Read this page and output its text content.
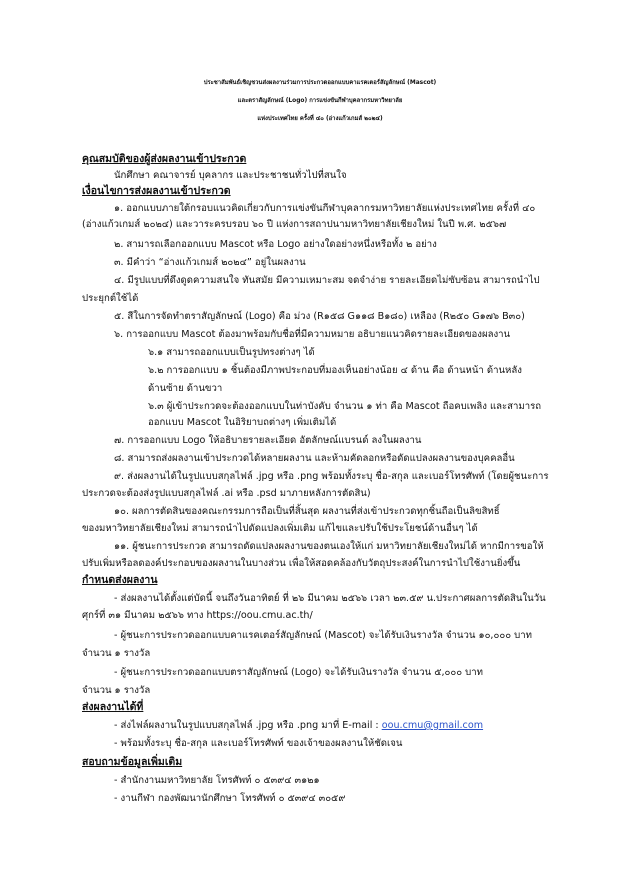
ประชาสัมพันธ์เชิญชวนส่งผลงานร่วมการประกวดออกแบบคาแรคเตอร์สัญลักษณ์ (Mascot)
และตราสัญลักษณ์ (Logo) การแข่งขันกีฬาบุคลากรมหาวิทยาลัย
แห่งประเทศไทย ครั้งที่ ๔๐ (อ่างแก้วเกมส์ ๒๐๒๔)
คุณสมบัติของผู้ส่งผลงานเข้าประกวด
นักศึกษา คณาจารย์ บุคลากร และประชาชนทั่วไปที่สนใจ
เงื่อนไขการส่งผลงานเข้าประกวด
๑. ออกแบบภายใต้กรอบแนวคิดเกี่ยวกับการแข่งขันกีฬาบุคลากรมหาวิทยาลัยแห่งประเทศไทย ครั้งที่ ๔๐
(อ่างแก้วเกมส์ ๒๐๒๔) และวาระครบรอบ ๖๐ ปี แห่งการสถาปนามหาวิทยาลัยเชียงใหม่ ในปี พ.ศ. ๒๕๖๗
๒. สามารถเลือกออกแบบ Mascot หรือ Logo อย่างใดอย่างหนึ่งหรือทั้ง ๒ อย่าง
๓. มีคำว่า “อ่างแก้วเกมส์ ๒๐๒๔” อยู่ในผลงาน
๔. มีรูปแบบที่ดึงดูดความสนใจ ทันสมัย มีความเหมาะสม จดจำง่าย รายละเอียดไม่ซับซ้อน สามารถนำไป
ประยุกต์ใช้ได้
๕. สีในการจัดทำตราสัญลักษณ์ (Logo) คือ ม่วง (R๑๕๘ G๑๑๘ B๑๘๐) เหลือง (R๒๕๐ G๑๗๖ B๓๐)
๖. การออกแบบ Mascot ต้องมาพร้อมกับชื่อที่มีความหมาย อธิบายแนวคิดรายละเอียดของผลงาน
๖.๑ สามารถออกแบบเป็นรูปทรงต่างๆ ได้
๖.๒ การออกแบบ ๑ ชิ้นต้องมีภาพประกอบที่มองเห็นอย่างน้อย ๔ ด้าน คือ ด้านหน้า ด้านหลัง
ด้านซ้าย ด้านขวา
๖.๓ ผู้เข้าประกวดจะต้องออกแบบในท่าบังคับ จำนวน ๑ ท่า คือ Mascot ถือคบเพลิง และสามารถ
ออกแบบ Mascot ในอิริยาบถต่างๆ เพิ่มเติมได้
๗. การออกแบบ Logo ให้อธิบายรายละเอียด อัตลักษณ์แบรนด์ ลงในผลงาน
๘. สามารถส่งผลงานเข้าประกวดได้หลายผลงาน และห้ามคัดลอกหรือดัดแปลงผลงานของบุคคลอื่น
๙. ส่งผลงานได้ในรูปแบบสกุลไฟล์ .jpg หรือ .png พร้อมทั้งระบุ ชื่อ-สกุล และเบอร์โทรศัพท์ (โดยผู้ชนะการ
ประกวดจะต้องส่งรูปแบบสกุลไฟล์ .ai หรือ .psd มาภายหลังการตัดสิน)
๑๐. ผลการตัดสินของคณะกรรมการถือเป็นที่สิ้นสุด ผลงานที่ส่งเข้าประกวดทุกชิ้นถือเป็นลิขสิทธิ์
ของมหาวิทยาลัยเชียงใหม่ สามารถนำไปดัดแปลงเพิ่มเติม แก้ไขและปรับใช้ประโยชน์ด้านอื่นๆ ได้
๑๑. ผู้ชนะการประกวด สามารถดัดแปลงผลงานของตนเองให้แก่ มหาวิทยาลัยเชียงใหม่ได้ หากมีการขอให้
ปรับเพิ่มหรือลดองค์ประกอบของผลงานในบางส่วน เพื่อให้สอดคล้องกับวัตถุประสงค์ในการนำไปใช้งานยิ่งขึ้น
กำหนดส่งผลงาน
- ส่งผลงานได้ตั้งแต่บัดนี้ จนถึงวันอาทิตย์ ที่ ๒๖ มีนาคม ๒๕๖๖ เวลา ๒๓.๕๙ น.ประกาศผลการตัดสินในวัน
ศุกร์ที่ ๓๑ มีนาคม ๒๕๖๖ ทาง https://oou.cmu.ac.th/
- ผู้ชนะการประกวดออกแบบคาแรคเตอร์สัญลักษณ์ (Mascot) จะได้รับเงินรางวัล จำนวน ๑๐,๐๐๐ บาท
จำนวน ๑ รางวัล
- ผู้ชนะการประกวดออกแบบตราสัญลักษณ์ (Logo) จะได้รับเงินรางวัล จำนวน ๕,๐๐๐ บาท
จำนวน ๑ รางวัล
ส่งผลงานได้ที่
- ส่งไฟล์ผลงานในรูปแบบสกุลไฟล์ .jpg หรือ .png มาที่ E-mail : oou.cmu@gmail.com
- พร้อมทั้งระบุ ชื่อ-สกุล และเบอร์โทรศัพท์ ของเจ้าของผลงานให้ชัดเจน
สอบถามข้อมูลเพิ่มเติม
- สำนักงานมหาวิทยาลัย โทรศัพท์ ๐ ๕๓๙๔ ๓๑๒๑
- งานกีฬา กองพัฒนานักศึกษา โทรศัพท์ ๐ ๕๓๙๔ ๓๐๕๙
